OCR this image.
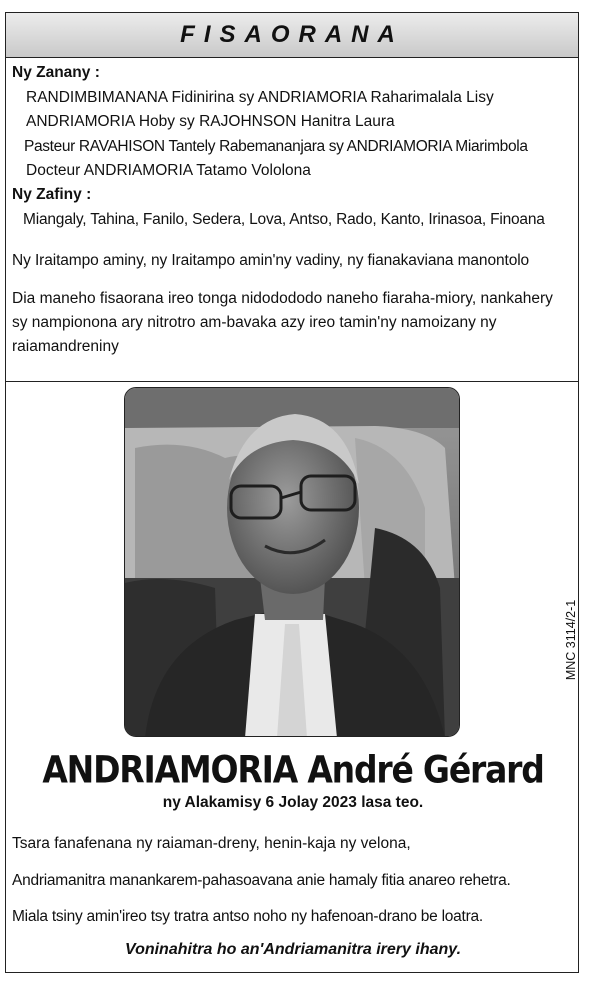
FISAORANA
Ny Zanany :
RANDIMBIMANANA Fidinirina sy ANDRIAMORIA Raharimalala Lisy
ANDRIAMORIA Hoby sy RAJOHNSON Hanitra Laura
Pasteur RAVAHISON Tantely Rabemananjara sy ANDRIAMORIA Miarimbola
Docteur ANDRIAMORIA Tatamo Vololona
Ny Zafiny :
Miangaly, Tahina, Fanilo, Sedera, Lova, Antso, Rado, Kanto, Irinasoa, Finoana
Ny Iraitampo aminy, ny Iraitampo amin'ny vadiny, ny fianakaviana manontolo
Dia maneho fisaorana ireo tonga nidodododo naneho fiaraha-miory, nankahery sy nampionona ary nitrotro am-bavaka azy ireo tamin'ny namoizany ny raiamandreniny
ANDRIAMORIA André Gérard
ny Alakamisy 6 Jolay 2023 lasa teo.
Tsara fanafenana ny raiaman-dreny, henin-kaja ny velona,
Andriamanitra manankarem-pahasoavana anie hamaly fitia anareo rehetra.
Miala tsiny amin'ireo tsy tratra antso noho ny hafenoan-drano be loatra.
Voninahitra ho an'Andriamanitra irery ihany.
MNC 3114/2-1
